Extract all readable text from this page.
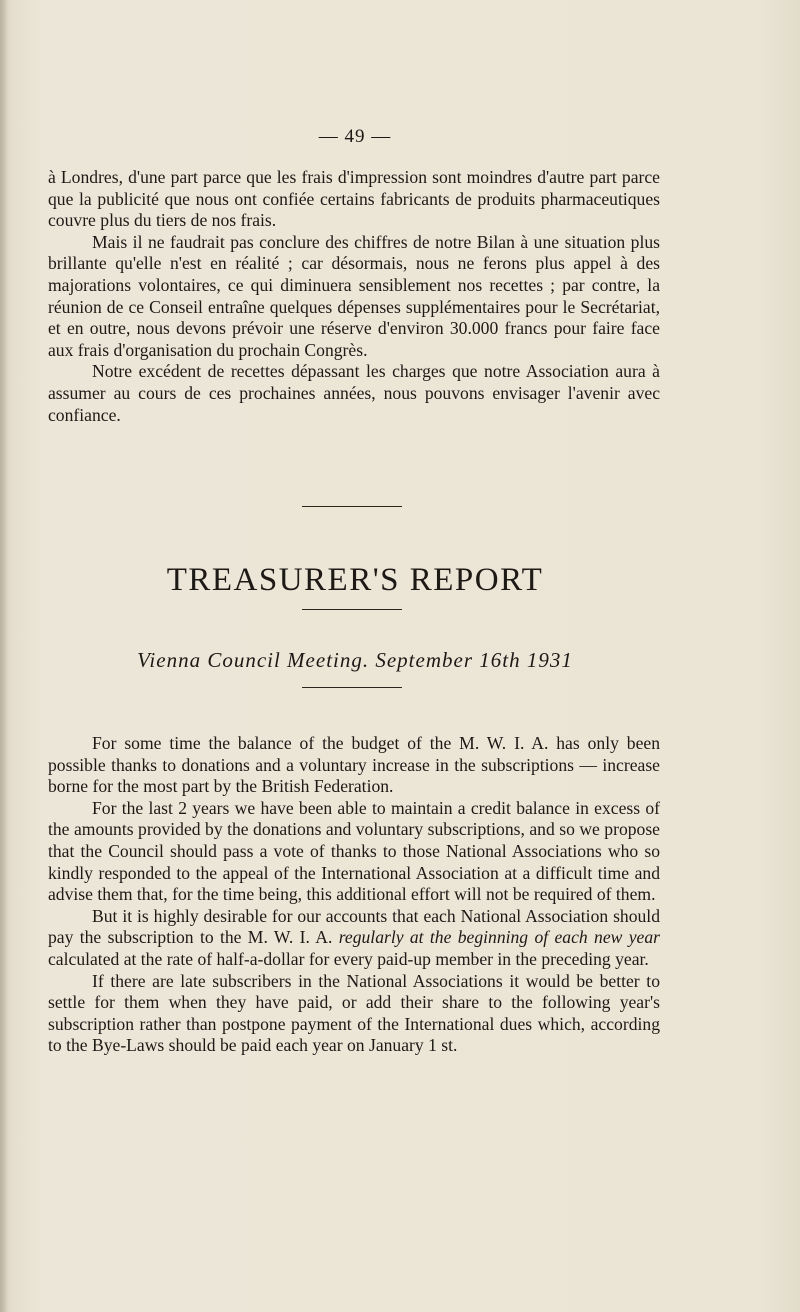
— 49 —

à Londres, d'une part parce que les frais d'impression sont moindres d'autre part parce que la publicité que nous ont confiée certains fabricants de produits pharmaceutiques couvre plus du tiers de nos frais.

Mais il ne faudrait pas conclure des chiffres de notre Bilan à une situation plus brillante qu'elle n'est en réalité ; car désormais, nous ne ferons plus appel à des majorations volontaires, ce qui diminuera sensiblement nos recettes ; par contre, la réunion de ce Conseil entraîne quelques dépenses supplémentaires pour le Secrétariat, et en outre, nous devons prévoir une réserve d'environ 30.000 francs pour faire face aux frais d'organisation du prochain Congrès.

Notre excédent de recettes dépassant les charges que notre Association aura à assumer au cours de ces prochaines années, nous pouvons envisager l'avenir avec confiance.

TREASURER'S REPORT
Vienna Council Meeting. September 16th 1931

For some time the balance of the budget of the M. W. I. A. has only been possible thanks to donations and a voluntary increase in the subscriptions — increase borne for the most part by the British Federation.

For the last 2 years we have been able to maintain a credit balance in excess of the amounts provided by the donations and voluntary subscriptions, and so we propose that the Council should pass a vote of thanks to those National Associations who so kindly responded to the appeal of the International Association at a difficult time and advise them that, for the time being, this additional effort will not be required of them.

But it is highly desirable for our accounts that each National Association should pay the subscription to the M. W. I. A. regularly at the beginning of each new year calculated at the rate of half-a-dollar for every paid-up member in the preceding year.

If there are late subscribers in the National Associations it would be better to settle for them when they have paid, or add their share to the following year's subscription rather than postpone payment of the International dues which, according to the Bye-Laws should be paid each year on January 1 st.
